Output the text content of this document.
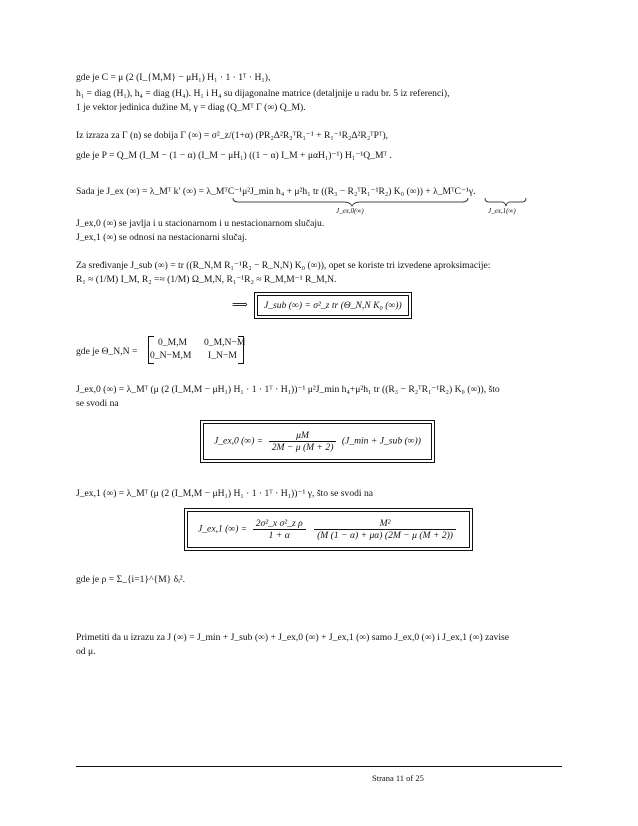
gde je C = μ (2 (I_{M,M} − μH₁) H₁ · 1 · 1ᵀ · H₁),
h₁ = diag (H₁), h₄ = diag (H₄). H₁ i H₄ su dijagonalne matrice (detaljnije u radu br. 5 iz referenci),
1 je vektor jedinica dužine M, γ = diag (Q_Mᵀ Γ (∞) Q_M).
Iz izraza za Γ (n) se dobija Γ (∞) = σ²_z/(1+α) (PR₂Δ²R₂ᵀR₁⁻¹ + R₁⁻¹R₂Δ²R₂ᵀPᵀ),
gde je P = Q_M (I_M − (1 − α) (I_M − μH₁) ((1 − α) I_M + μαH₁)⁻¹) H₁⁻¹Q_Mᵀ .
Sada je J_ex (∞) = λ_Mᵀ k′ (∞) = λ_MᵀC⁻¹μ²J_min h₄ + μ²h₁ tr ((R₃ − R₂ᵀR₁⁻¹R₂) K₀ (∞)) + λ_MᵀC⁻¹γ.
J_ex,0(∞)	J_ex,1(∞)
J_ex,0 (∞) se javlja i u stacionarnom i u nestacionarnom slučaju.
J_ex,1 (∞) se odnosi na nestacionarni slučaj.
Za sređivanje J_sub (∞) = tr ((R_N,M R₁⁻¹R₂ − R_N,N) K₀ (∞)), opet se koriste tri izvedene aproksimacije:
R₁ ≈ (1/M) I_M, R₂ =≈ (1/M) Ω_M,N, R₁⁻¹R₂ ≈ R_M,M⁻¹ R_M,N.
⟹	J_sub (∞) = σ²_z tr (Θ_N,N K₀ (∞))
gde je Θ_N,N =
0_M,M 0_M,N−M
0_N−M,M I_N−M
J_ex,0 (∞) = λ_Mᵀ (μ (2 (I_M,M − μH₁) H₁ · 1 · 1ᵀ · H₁))⁻¹ μ²J_min h₄+μ²h₁ tr ((R₃ − R₂ᵀR₁⁻¹R₂) K₀ (∞)), što
se svodi na
J_ex,0 (∞) = $\frac{\mu M}{2M - \mu (M + 2)}$ (J_min + J_sub (∞))
J_ex,1 (∞) = λ_Mᵀ (μ (2 (I_M,M − μH₁) H₁ · 1 · 1ᵀ · H₁))⁻¹ γ, što se svodi na
J_ex,1 (∞) = $\frac{\text{2σ²\_x σ²\_z ρ}}{1 + \alpha}$
$\frac{\text{M²}}{(M (1 - \alpha) + \mu\alpha) (2M - \mu (M + 2))}$
gde je ρ = Σ_{i=1}^{M} δᵢ².
Primetiti da u izrazu za J (∞) = J_min + J_sub (∞) + J_ex,0 (∞) + J_ex,1 (∞) samo J_ex,0 (∞) i J_ex,1 (∞) zavise
od μ.
Strana 11 of 25
